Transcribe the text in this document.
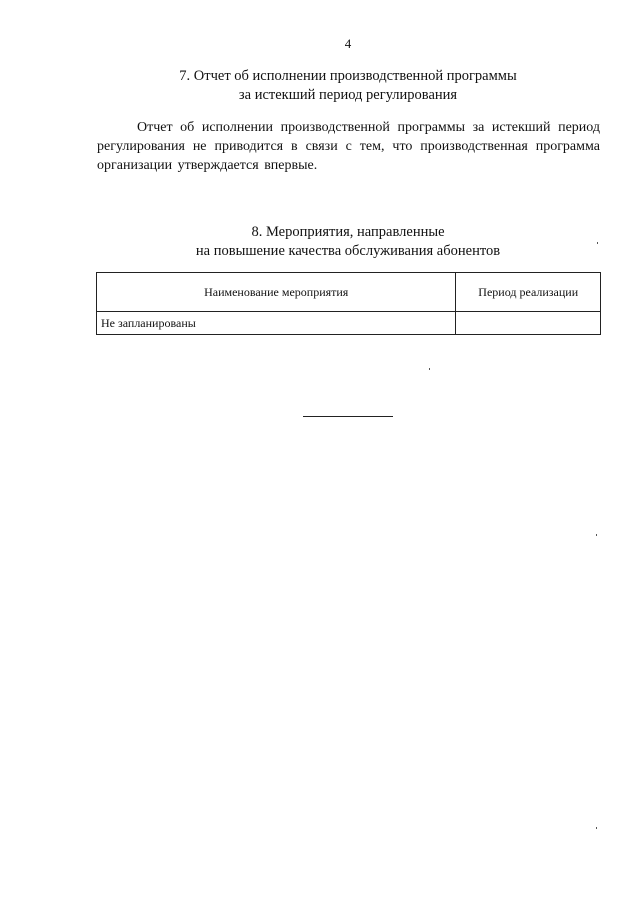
4
7. Отчет об исполнении производственной программы
за истекший период регулирования

Отчет об исполнении производственной программы за истекший период регулирования не приводится в связи с тем, что производственная программа организации утверждается впервые.

8. Мероприятия, направленные
на повышение качества обслуживания абонентов
Наименование мероприятия	Период реализации
Не запланированы	
